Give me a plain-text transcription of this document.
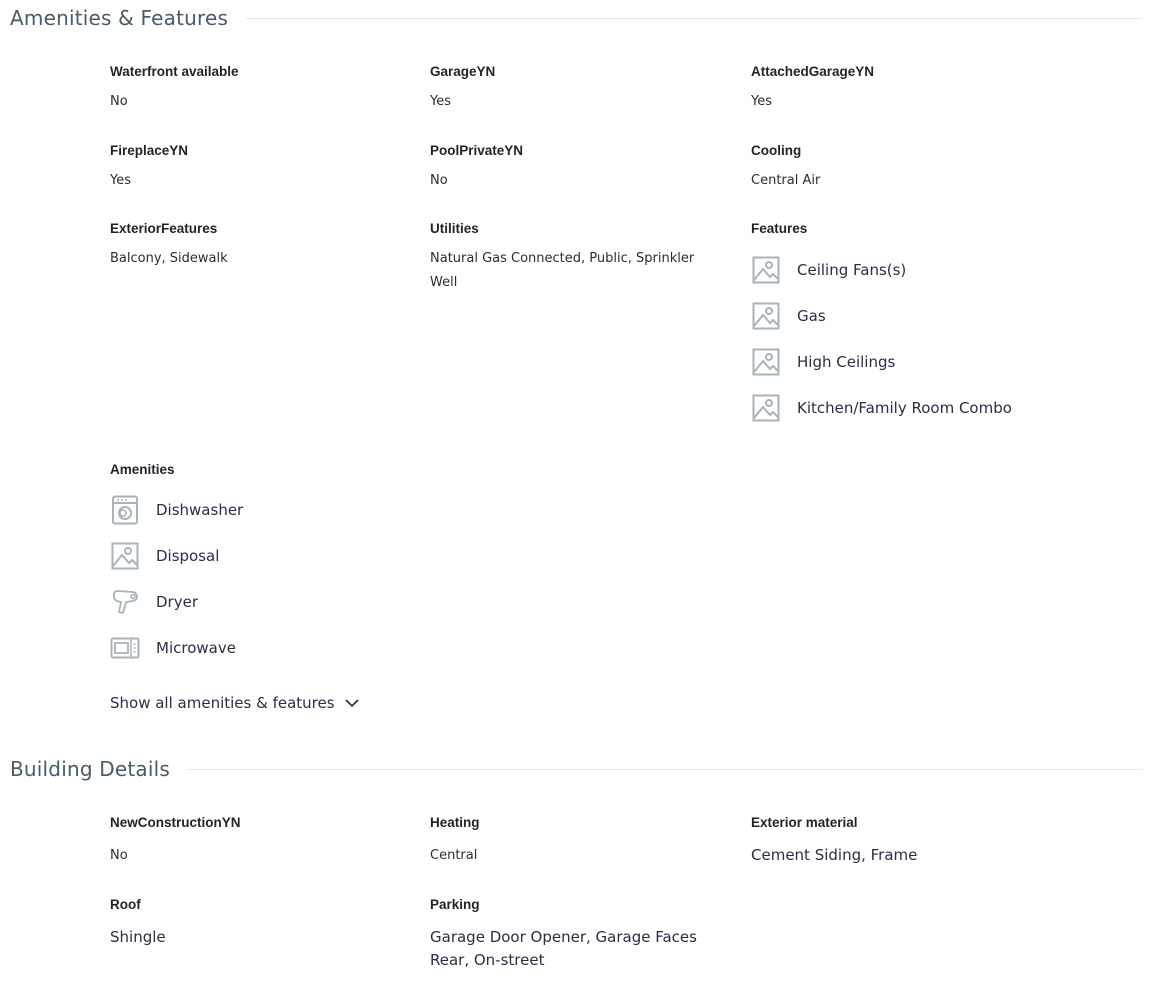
Amenities & Features
Waterfront available
No
GarageYN
Yes
AttachedGarageYN
Yes
FireplaceYN
Yes
PoolPrivateYN
No
Cooling
Central Air
ExteriorFeatures
Balcony, Sidewalk
Utilities
Natural Gas Connected, Public, Sprinkler Well
Features
Ceiling Fans(s)
Gas
High Ceilings
Kitchen/Family Room Combo
Amenities
Dishwasher
Disposal
Dryer
Microwave
Show all amenities & features
Building Details
NewConstructionYN
No
Heating
Central
Exterior material
Cement Siding, Frame
Roof
Shingle
Parking
Garage Door Opener, Garage Faces Rear, On-street
